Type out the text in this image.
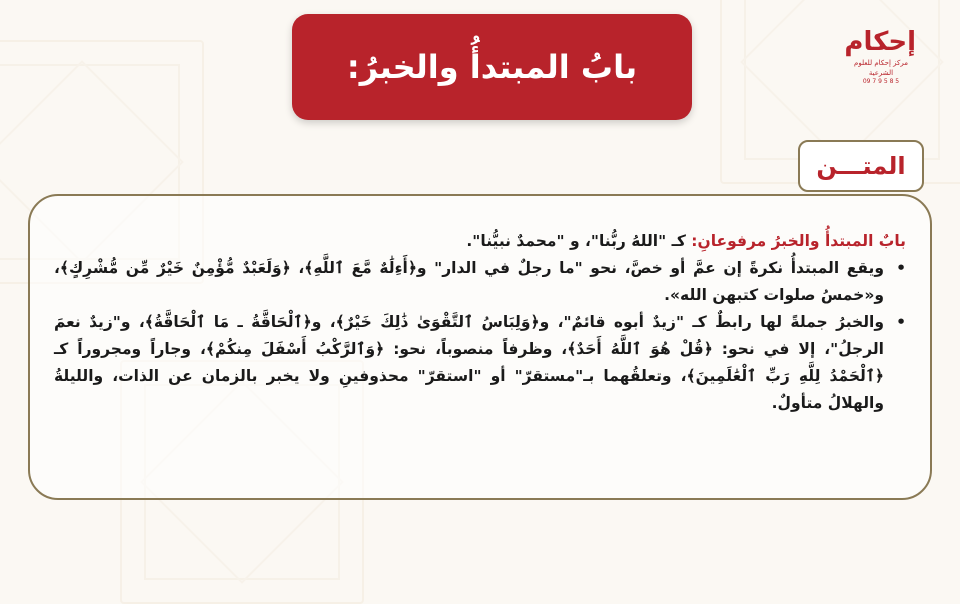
بابُ المبتدأُ والخبرُ:
إحكام
مركز إحكام للعلوم الشرعية
09 7 9 5 8 5
المتـــن

بابٌ المبتدأُ والخبرُ مرفوعانِ: كـ "اللهُ ربُّنا"، و "محمدٌ نبيُّنا".

• ويقع المبتدأُ نكرةً إن عمَّ أو خصَّ، نحو "ما رجلٌ في الدار" و﴿أَءِلَٰهٌ مَّعَ ٱللَّهِ﴾، ﴿وَلَعَبْدٌ مُّؤْمِنٌ خَيْرٌ مِّن مُّشْرِكٍ﴾، و«خمسُ صلوات كتبهن الله».
• والخبرُ جملةً لها رابطٌ كـ "زيدٌ أبوه قائمٌ"، و﴿وَلِبَاسُ ٱلتَّقْوَىٰ ذَٰلِكَ خَيْرٌ﴾، و﴿ٱلْحَاقَّةُ ـ مَا ٱلْحَاقَّةُ﴾، و"زيدٌ نعمَ الرجلُ"، إلا في نحو: ﴿قُلْ هُوَ ٱللَّهُ أَحَدٌ﴾، وظرفاً منصوباً، نحو: ﴿وَٱلرَّكْبُ أَسْفَلَ مِنكُمْ﴾، وجاراً ومجروراً كـ ﴿ٱلْحَمْدُ لِلَّهِ رَبِّ ٱلْعَٰلَمِينَ﴾، وتعلقُهما بـ"مستقرّ" أو "استقرّ" محذوفينِ ولا يخبر بالزمان عن الذات، والليلةُ والهلالُ متأولٌ.
